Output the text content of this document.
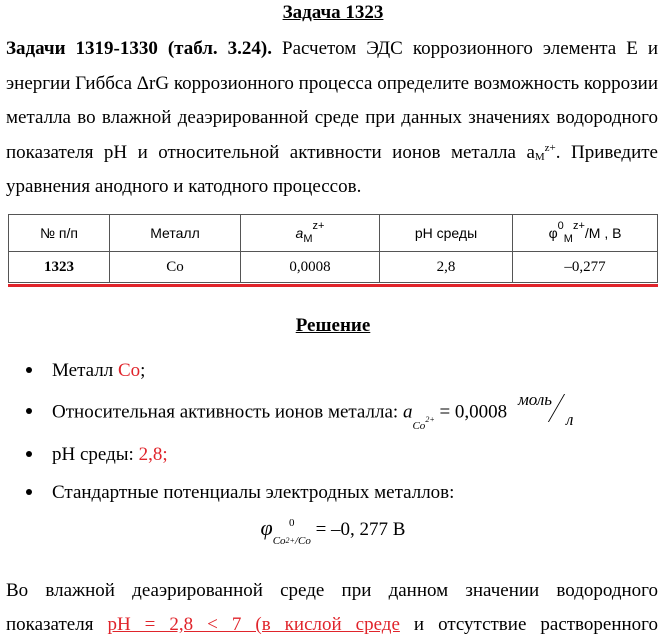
Задача 1323
Задачи 1319-1330 (табл. 3.24). Расчетом ЭДС коррозионного элемента E и энергии Гиббса ΔrG коррозионного процесса определите возможность коррозии металла во влажной деаэрированной среде при данных значениях водородного показателя pH и относительной активности ионов металла $a_M^{z+}$. Приведите уравнения анодного и катодного процессов.
№ п/п	Металл	$a_M^{z+}$	pH среды	$\varphi^0_M^{z+}/M$ , B
1323	Co	0,0008	2,8	–0,277
Решение
Металл Co;
Относительная активность ионов металла: $a_{Co^{2+}} = 0,0008$
моль
л
pH среды: 2,8;
Стандартные потенциалы электродных металлов:
φ	0
$Co^{2+}/Co$
= –0, 277 В
Во влажной деаэрированной среде при данном значении водородного
показателя pH = 2,8 < 7 (в кислой среде и отсутствие растворенного
